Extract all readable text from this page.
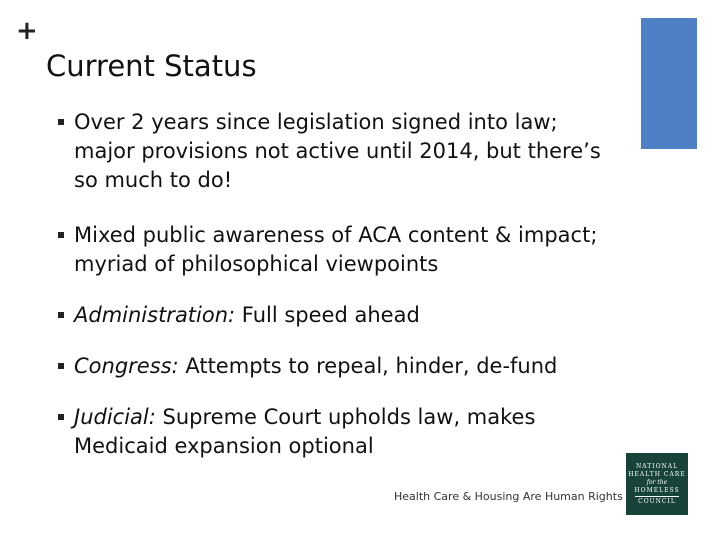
+
Current Status
Over 2 years since legislation signed into law; major provisions not active until 2014, but there’s so much to do!
Mixed public awareness of ACA content & impact; myriad of philosophical viewpoints
Administration: Full speed ahead
Congress: Attempts to repeal, hinder, de-fund
Judicial: Supreme Court upholds law, makes Medicaid expansion optional
Health Care & Housing Are Human Rights
NATIONAL
HEALTH CARE
for the
HOMELESS
COUNCIL
